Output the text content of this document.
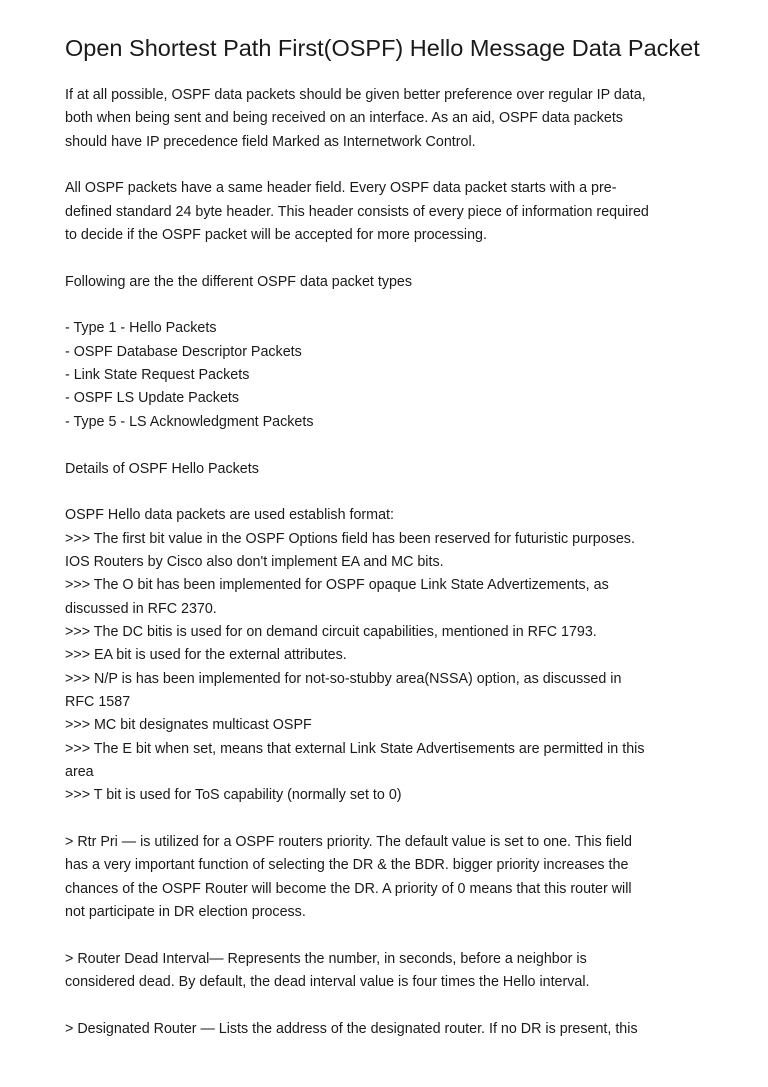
Open Shortest Path First(OSPF) Hello Message Data Packet
If at all possible, OSPF data packets should be given better preference over regular IP data,
both when being sent and being received on an interface. As an aid, OSPF data packets
should have IP precedence field Marked as Internetwork Control.
All OSPF packets have a same header field. Every OSPF data packet starts with a pre-
defined standard 24 byte header. This header consists of every piece of information required
to decide if the OSPF packet will be accepted for more processing.
Following are the the different OSPF data packet types
- Type 1 - Hello Packets
- OSPF Database Descriptor Packets
- Link State Request Packets
- OSPF LS Update Packets
- Type 5 - LS Acknowledgment Packets
Details of OSPF Hello Packets
OSPF Hello data packets are used establish format:
>>> The first bit value in the OSPF Options field has been reserved for futuristic purposes.
IOS Routers by Cisco also don't implement EA and MC bits.
>>> The O bit has been implemented for OSPF opaque Link State Advertizements, as
discussed in RFC 2370.
>>> The DC bitis is used for on demand circuit capabilities, mentioned in RFC 1793.
>>> EA bit is used for the external attributes.
>>> N/P is has been implemented for not-so-stubby area(NSSA) option, as discussed in
RFC 1587
>>> MC bit designates multicast OSPF
>>> The E bit when set, means that external Link State Advertisements are permitted in this
area
>>> T bit is used for ToS capability (normally set to 0)
> Rtr Pri — is utilized for a OSPF routers priority. The default value is set to one. This field
has a very important function of selecting the DR & the BDR. bigger priority increases the
chances of the OSPF Router will become the DR. A priority of 0 means that this router will
not participate in DR election process.
> Router Dead Interval— Represents the number, in seconds, before a neighbor is
considered dead. By default, the dead interval value is four times the Hello interval.
> Designated Router — Lists the address of the designated router. If no DR is present, this
